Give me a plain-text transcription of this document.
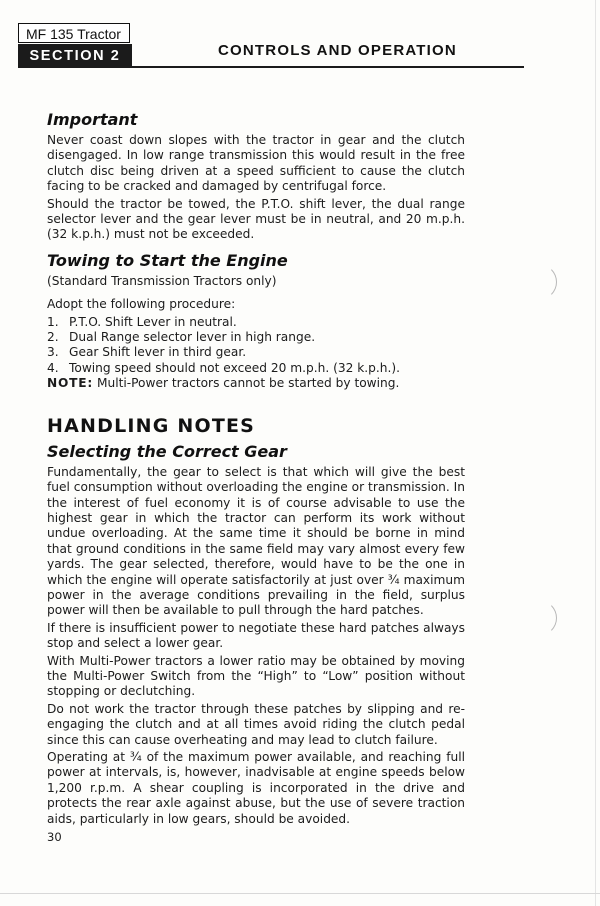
MF 135 Tractor
SECTION 2	CONTROLS AND OPERATION
Important

Never coast down slopes with the tractor in gear and the clutch disengaged. In low range transmission this would result in the free clutch disc being driven at a speed sufficient to cause the clutch facing to be cracked and damaged by centrifugal force.

Should the tractor be towed, the P.T.O. shift lever, the dual range selector lever and the gear lever must be in neutral, and 20 m.p.h. (32 k.p.h.) must not be exceeded.

Towing to Start the Engine

(Standard Transmission Tractors only)

Adopt the following procedure:

1. P.T.O. Shift Lever in neutral.
2. Dual Range selector lever in high range.
3. Gear Shift lever in third gear.
4. Towing speed should not exceed 20 m.p.h. (32 k.p.h.).

NOTE: Multi-Power tractors cannot be started by towing.

HANDLING NOTES
Selecting the Correct Gear

Fundamentally, the gear to select is that which will give the best fuel consumption without overloading the engine or transmission. In the interest of fuel economy it is of course advisable to use the highest gear in which the tractor can perform its work without undue overloading. At the same time it should be borne in mind that ground conditions in the same field may vary almost every few yards. The gear selected, therefore, would have to be the one in which the engine will operate satisfactorily at just over ¾ maximum power in the average conditions prevailing in the field, surplus power will then be available to pull through the hard patches.

If there is insufficient power to negotiate these hard patches always stop and select a lower gear.

With Multi-Power tractors a lower ratio may be obtained by moving the Multi-Power Switch from the “High” to “Low” position without stopping or declutching.

Do not work the tractor through these patches by slipping and re-engaging the clutch and at all times avoid riding the clutch pedal since this can cause overheating and may lead to clutch failure.

Operating at ¾ of the maximum power available, and reaching full power at intervals, is, however, inadvisable at engine speeds below 1,200 r.p.m. A shear coupling is incorporated in the drive and protects the rear axle against abuse, but the use of severe traction aids, particularly in low gears, should be avoided.

30
